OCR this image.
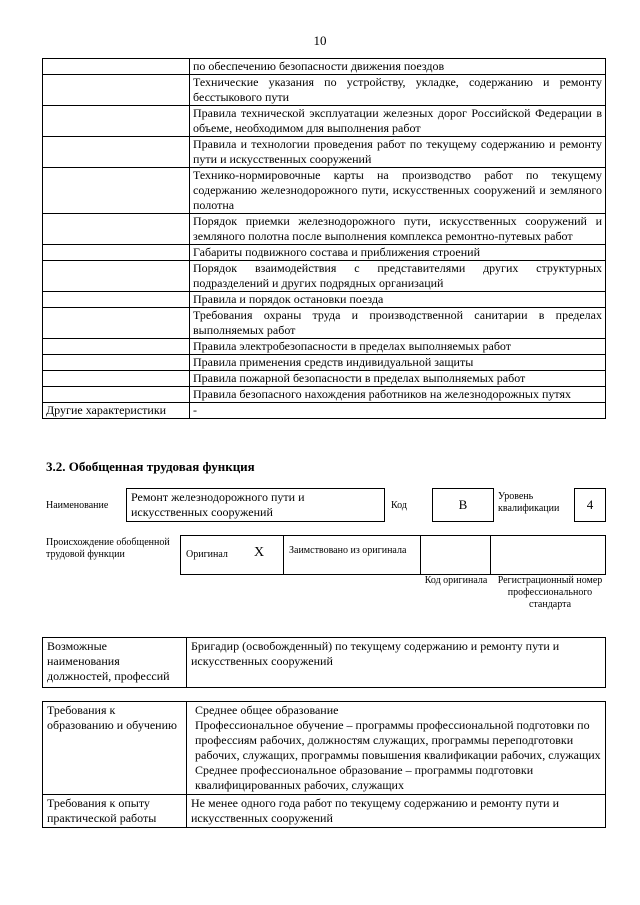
10
	по обеспечению безопасности движения поездов
	Технические указания по устройству, укладке, содержанию и ремонту бесстыкового пути
	Правила технической эксплуатации железных дорог Российской Федерации в объеме, необходимом для выполнения работ
	Правила и технологии проведения работ по текущему содержанию и ремонту пути и искусственных сооружений
	Технико-нормировочные карты на производство работ по текущему содержанию железнодорожного пути, искусственных сооружений и земляного полотна
	Порядок приемки железнодорожного пути, искусственных сооружений и земляного полотна после выполнения комплекса ремонтно-путевых работ
	Габариты подвижного состава и приближения строений
	Порядок взаимодействия с представителями других структурных подразделений и других подрядных организаций
	Правила и порядок остановки поезда
	Требования охраны труда и производственной санитарии в пределах выполняемых работ
	Правила электробезопасности в пределах выполняемых работ
	Правила применения средств индивидуальной защиты
	Правила пожарной безопасности в пределах выполняемых работ
	Правила безопасного нахождения работников на железнодорожных путях
Другие характеристики	-
3.2. Обобщенная трудовая функция
Наименование
Ремонт железнодорожного пути и искусственных сооружений	Код	В
Уровень квалификации	4
Происхождение обобщенной трудовой функции	Оригинал X Заимствовано из оригинала
Код оригинала	Регистрационный номер профессионального стандарта
Возможные наименования должностей, профессий	Бригадир (освобожденный) по текущему содержанию и ремонту пути и искусственных сооружений
Требования к образованию и обучению	Среднее общее образование
Профессиональное обучение – программы профессиональной подготовки по профессиям рабочих, должностям служащих, программы переподготовки рабочих, служащих, программы повышения квалификации рабочих, служащих
Среднее профессиональное образование – программы подготовки квалифицированных рабочих, служащих

Требования к опыту практической работы	Не менее одного года работ по текущему содержанию и ремонту пути и искусственных сооружений
